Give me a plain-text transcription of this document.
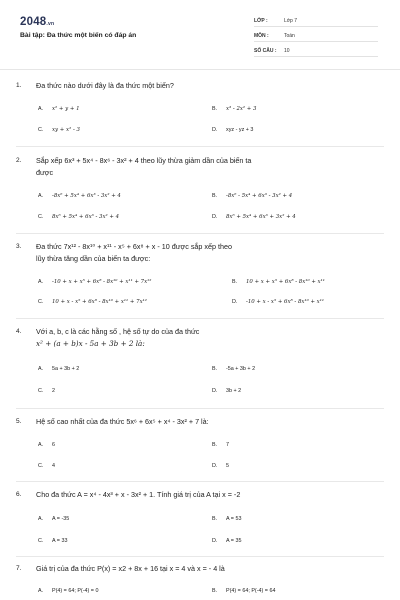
2048.vn
Bài tập: Đa thức một biến có đáp án
LỚP :	Lớp 7
MÔN :	Toán
SỐ CÂU : 10
1. Đa thức nào dưới đây là đa thức một biến?
A. x² + y + 1	B. x³ - 2x² + 3
C. xy + x² - 3	D. xyz - yz + 3
2. Sắp xếp 6x³ + 5x⁴ - 8x⁶ - 3x² + 4 theo lũy thừa giảm dần của biến ta
được
A. -8x⁶ + 5x⁴ + 6x³ - 3x² + 4	B. -8x⁶ - 5x⁴ + 6x³ - 3x² + 4
C. 8x⁶ + 5x⁴ + 6x³ - 3x² + 4	D. 8x⁶ + 5x⁴ + 6x³ + 3x² + 4
3. Đa thức 7x¹² - 8x¹⁰ + x¹¹ - x⁵ + 6x⁸ + x - 10 được sắp xếp theo
lũy thừa tăng dần của biến ta được:
A. -10 + x + x⁵ + 6x⁸ - 8x¹⁰ + x¹¹ + 7x¹²	B. 10 + x + x⁵ + 6x⁸ - 8x¹⁰ + x¹¹
C. 10 + x - x⁵ + 6x⁸ - 8x¹⁰ + x¹¹ + 7x¹²	D. -10 + x - x⁵ + 6x⁸ - 8x¹⁰ + x¹¹
4. Với a, b, c là các hằng số , hệ số tự do của đa thức
x² + (a + b)x - 5a + 3b + 2 là:
A. 5a + 3b + 2	B. -5a + 3b + 2
C. 2	D. 3b + 2
5. Hệ số cao nhất của đa thức 5x⁶ + 6x⁵ + x⁴ - 3x² + 7 là:
A. 6	B. 7
C. 4	D. 5
6. Cho đa thức A = x⁴ - 4x³ + x - 3x² + 1. Tính giá trị của A tại x = -2
A. A = -35	B. A = 53
C. A = 33	D. A = 35
7. Giá trị của đa thức P(x) = x2 + 8x + 16 tại x = 4 và x = - 4 là
A. P(4) = 64; P(-4) = 0	B. P(4) = 64; P(-4) = 64
